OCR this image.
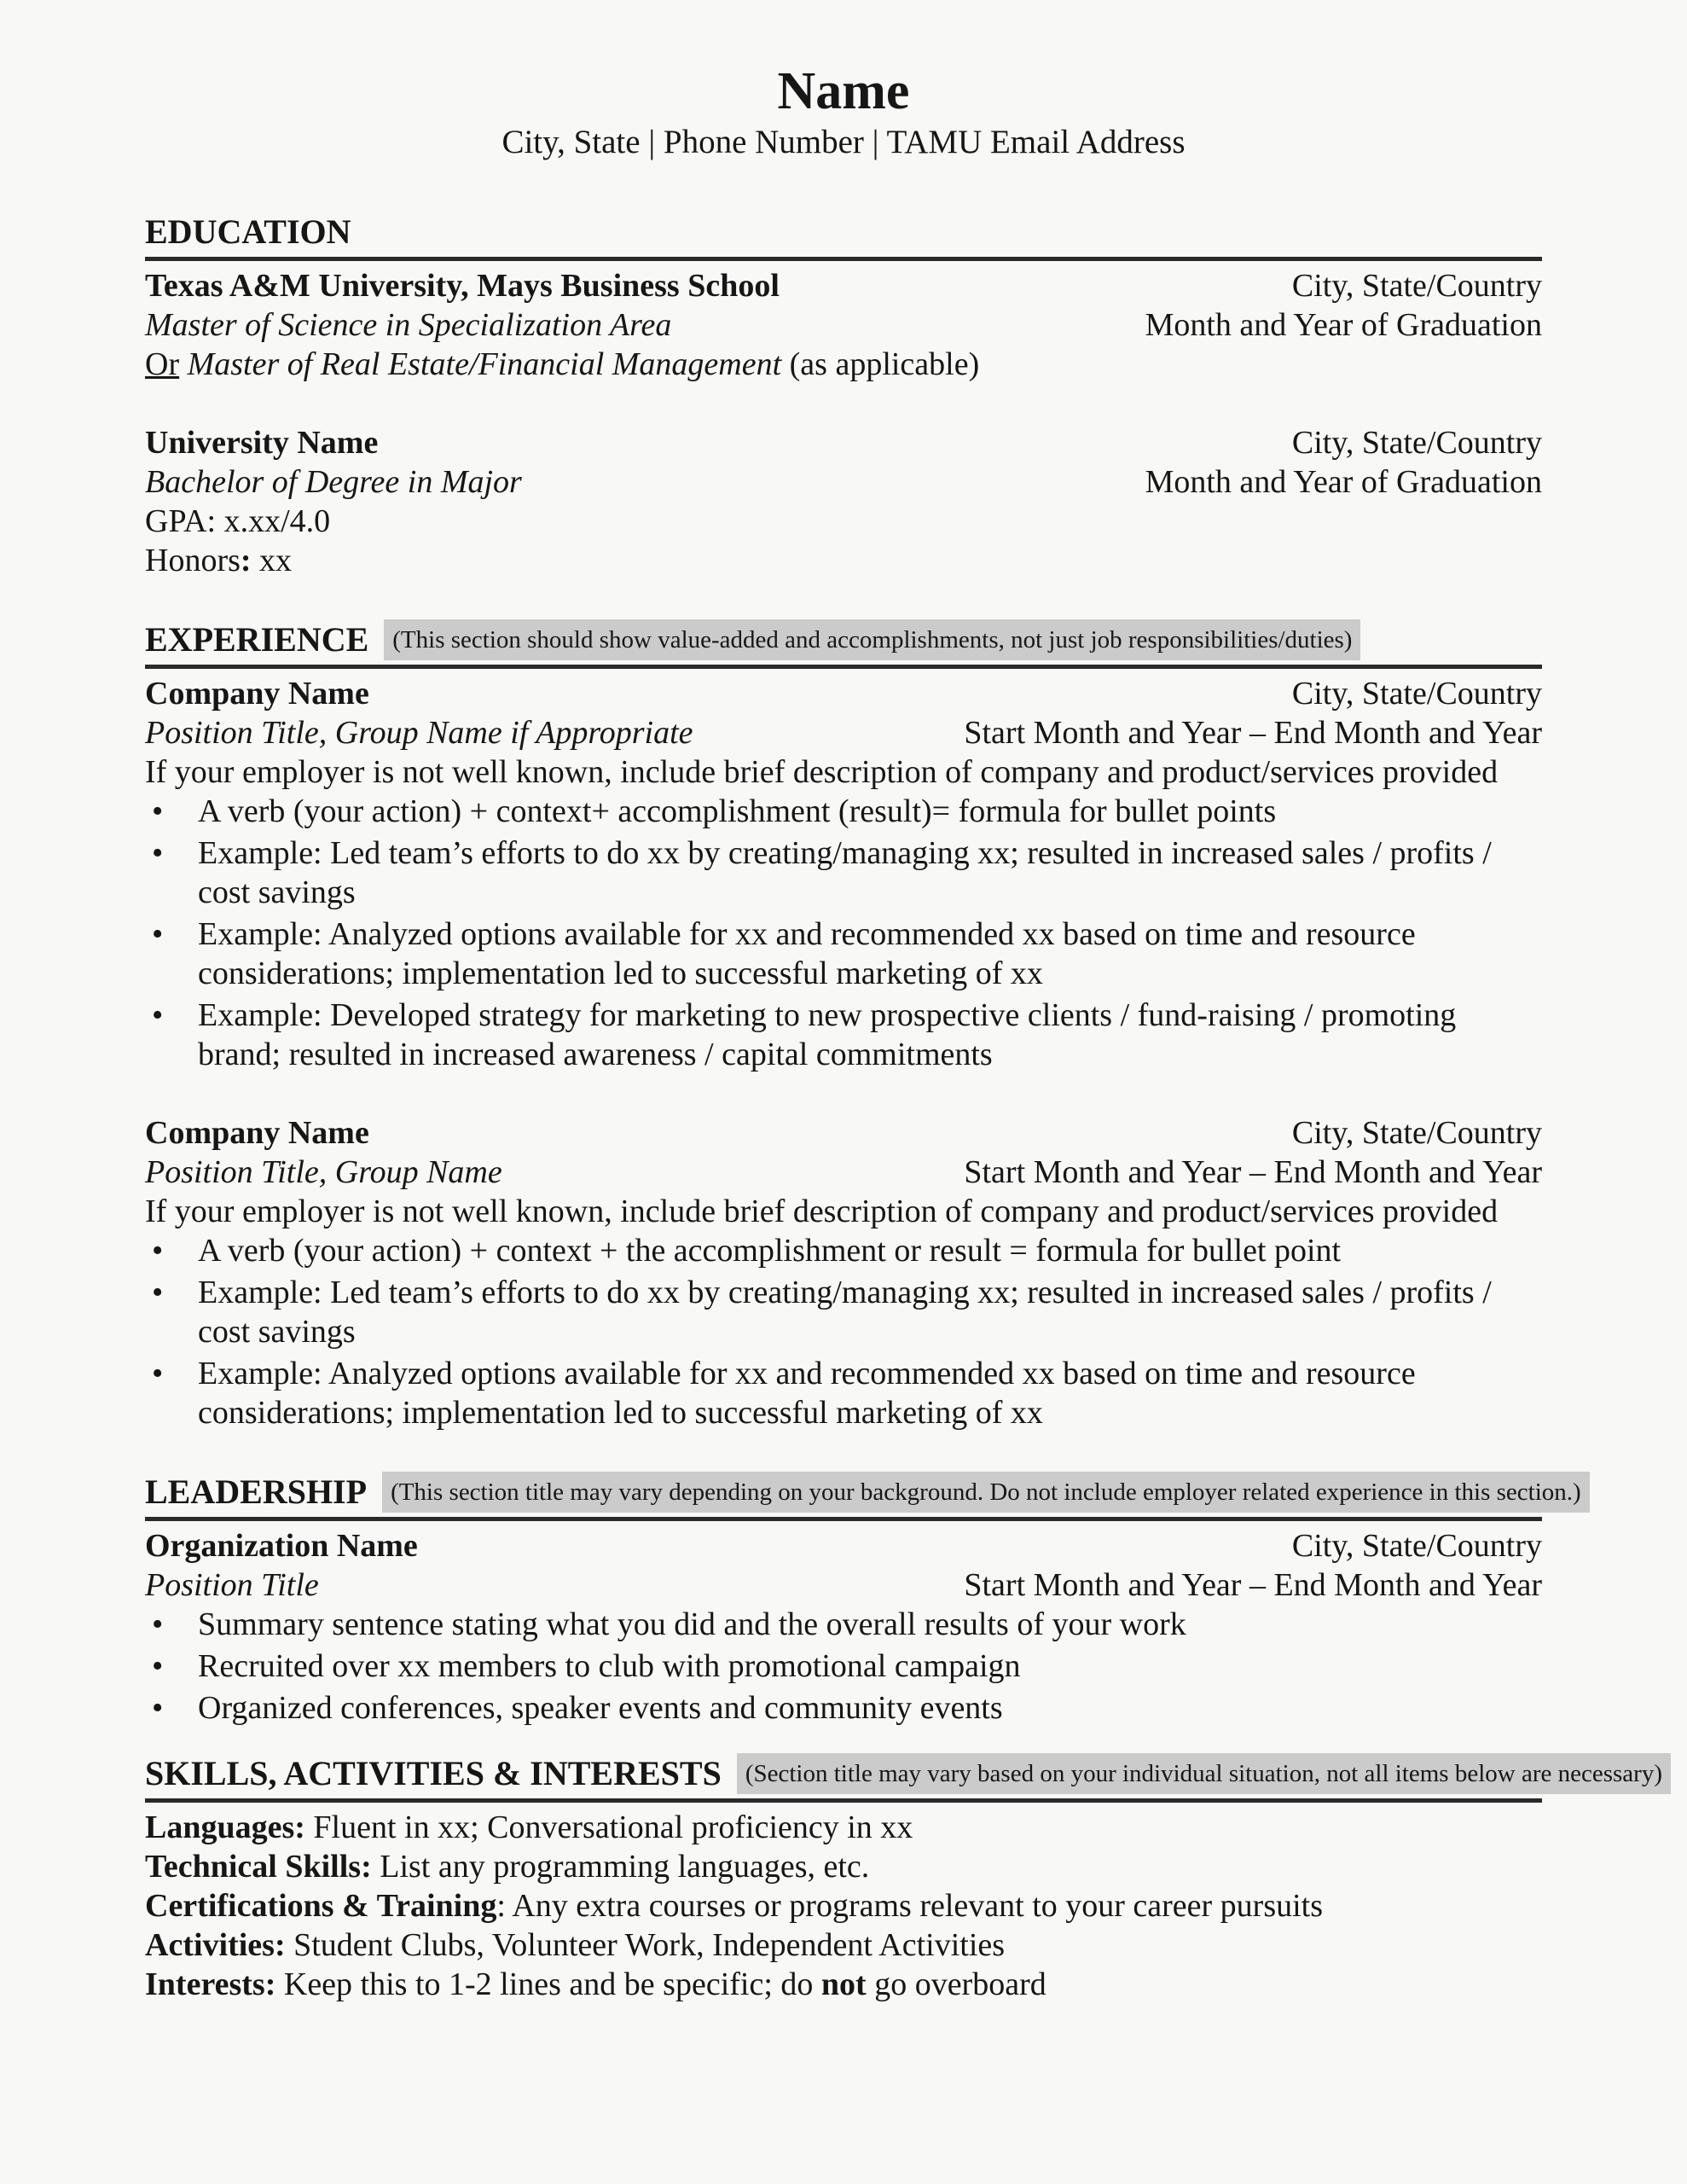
Name
City, State | Phone Number | TAMU Email Address
EDUCATION
Texas A&M University, Mays Business School	City, State/Country
Master of Science in Specialization Area	Month and Year of Graduation
Or Master of Real Estate/Financial Management (as applicable)
University Name	City, State/Country
Bachelor of Degree in Major	Month and Year of Graduation
GPA: x.xx/4.0
Honors: xx
EXPERIENCE (This section should show value-added and accomplishments, not just job responsibilities/duties)
Company Name	City, State/Country
Position Title, Group Name if Appropriate	Start Month and Year – End Month and Year
If your employer is not well known, include brief description of company and product/services provided
• A verb (your action) + context+ accomplishment (result)= formula for bullet points
• Example: Led team’s efforts to do xx by creating/managing xx; resulted in increased sales / profits / cost savings
• Example: Analyzed options available for xx and recommended xx based on time and resource considerations; implementation led to successful marketing of xx
• Example: Developed strategy for marketing to new prospective clients / fund-raising / promoting brand; resulted in increased awareness / capital commitments
Company Name	City, State/Country
Position Title, Group Name	Start Month and Year – End Month and Year
If your employer is not well known, include brief description of company and product/services provided
• A verb (your action) + context + the accomplishment or result = formula for bullet point
• Example: Led team’s efforts to do xx by creating/managing xx; resulted in increased sales / profits / cost savings
• Example: Analyzed options available for xx and recommended xx based on time and resource considerations; implementation led to successful marketing of xx
LEADERSHIP (This section title may vary depending on your background. Do not include employer related experience in this section.)
Organization Name	City, State/Country
Position Title	Start Month and Year – End Month and Year
• Summary sentence stating what you did and the overall results of your work
• Recruited over xx members to club with promotional campaign
• Organized conferences, speaker events and community events
SKILLS, ACTIVITIES & INTERESTS (Section title may vary based on your individual situation, not all items below are necessary)
Languages: Fluent in xx; Conversational proficiency in xx
Technical Skills: List any programming languages, etc.
Certifications & Training: Any extra courses or programs relevant to your career pursuits
Activities: Student Clubs, Volunteer Work, Independent Activities
Interests: Keep this to 1-2 lines and be specific; do not go overboard
